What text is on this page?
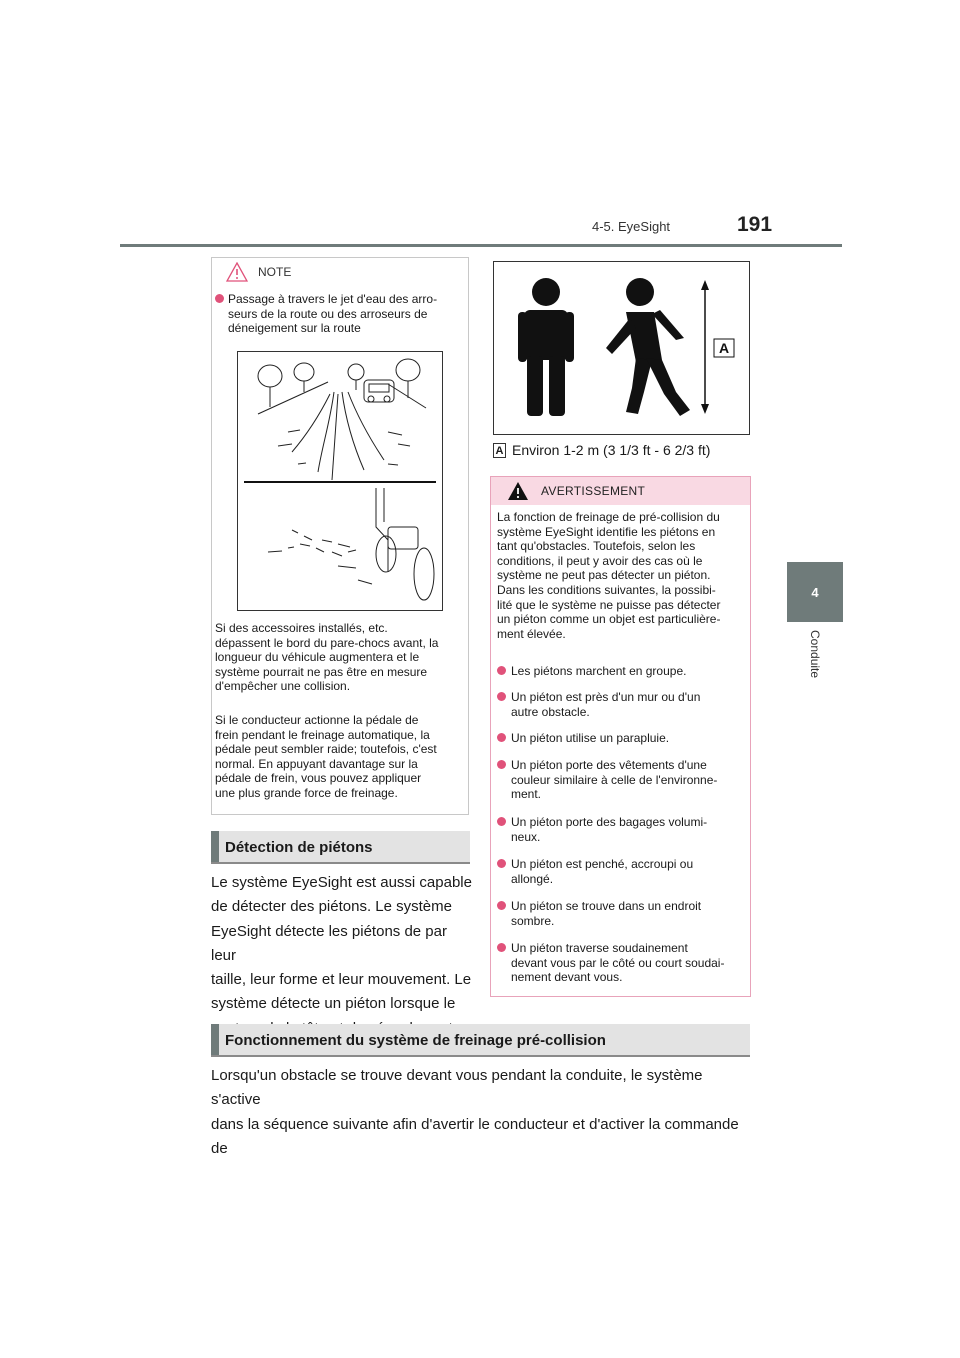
4-5. EyeSight	191
4
Conduite
NOTE
Passage à travers le jet d'eau des arro-
seurs de la route ou des arroseurs de
déneigement sur la route
Si des accessoires installés, etc.
dépassent le bord du pare-chocs avant, la
longueur du véhicule augmentera et le
système pourrait ne pas être en mesure
d'empêcher une collision.
Si le conducteur actionne la pédale de
frein pendant le freinage automatique, la
pédale peut sembler raide; toutefois, c'est
normal. En appuyant davantage sur la
pédale de frein, vous pouvez appliquer
une plus grande force de freinage.
Détection de piétons
Le système EyeSight est aussi capable
de détecter des piétons. Le système
EyeSight détecte les piétons de par leur
taille, leur forme et leur mouvement. Le
système détecte un piéton lorsque le
A
A Environ 1-2 m (3 1/3 ft - 6 2/3 ft)
AVERTISSEMENT
La fonction de freinage de pré-collision du
système EyeSight identifie les piétons en
tant qu'obstacles. Toutefois, selon les
conditions, il peut y avoir des cas où le
système ne peut pas détecter un piéton.
Dans les conditions suivantes, la possibi-
lité que le système ne puisse pas détecter
un piéton comme un objet est particulière-
ment élevée.
Les piétons marchent en groupe.
Un piéton est près d'un mur ou d'un
autre obstacle.
Un piéton utilise un parapluie.
Un piéton porte des vêtements d'une
couleur similaire à celle de l'environne-
ment.
Un piéton porte des bagages volumi-
neux.
Un piéton est penché, accroupi ou
allongé.
Un piéton se trouve dans un endroit
sombre.
Un piéton traverse soudainement
devant vous par le côté ou court soudai-
nement devant vous.
Fonctionnement du système de freinage pré-collision
Lorsqu'un obstacle se trouve devant vous pendant la conduite, le système s'active
dans la séquence suivante afin d'avertir le conducteur et d'activer la commande de
